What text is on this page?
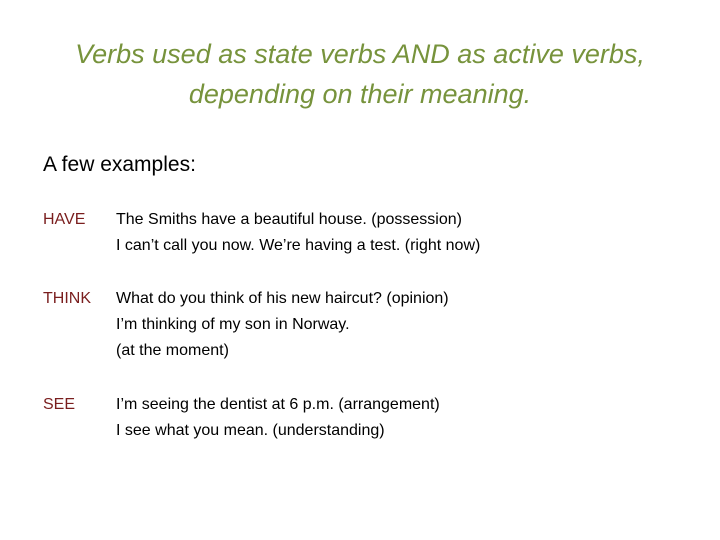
Verbs used as state verbs AND as active verbs,
depending on their meaning.
A few examples:
HAVE The Smiths have a beautiful house. (possession)
I can’t call you now. We’re having a test. (right now)
THINK What do you think of his new haircut? (opinion)
I’m thinking of my son in Norway.
(at the moment)
SEE	I’m seeing the dentist at 6 p.m. (arrangement)
I see what you mean. (understanding)
